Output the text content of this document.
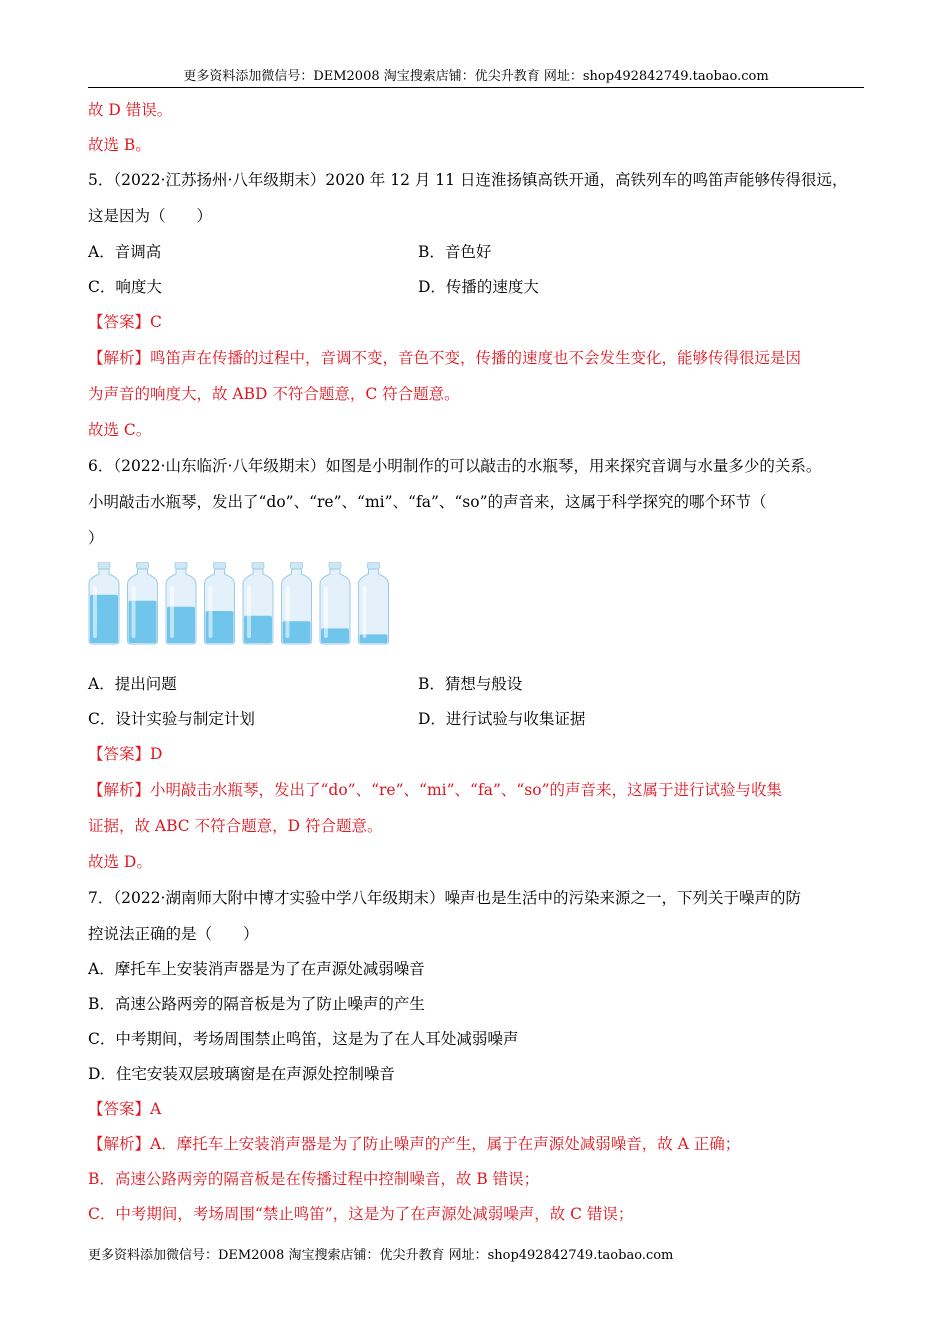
更多资料添加微信号：DEM2008 淘宝搜索店铺：优尖升教育 网址：shop492842749.taobao.com
故 D 错误。
故选 B。
5．（2022·江苏扬州·八年级期末）2020 年 12 月 11 日连淮扬镇高铁开通，高铁列车的鸣笛声能够传得很远，
这是因为（　　）
A．音调高	B．音色好
C．响度大	D．传播的速度大
【答案】C
【解析】鸣笛声在传播的过程中，音调不变，音色不变，传播的速度也不会发生变化，能够传得很远是因
为声音的响度大，故 ABD 不符合题意，C 符合题意。
故选 C。
6．（2022·山东临沂·八年级期末）如图是小明制作的可以敲击的水瓶琴，用来探究音调与水量多少的关系。
小明敲击水瓶琴，发出了“do”、“re”、“mi”、“fa”、“so”的声音来，这属于科学探究的哪个环节（
）
A．提出问题	B．猜想与般设
C．设计实验与制定计划	D．进行试验与收集证据
【答案】D
【解析】小明敲击水瓶琴，发出了“do”、“re”、“mi”、“fa”、“so”的声音来，这属于进行试验与收集
证据，故 ABC 不符合题意，D 符合题意。
故选 D。
7．（2022·湖南师大附中博才实验中学八年级期末）噪声也是生活中的污染来源之一，下列关于噪声的防
控说法正确的是（　　）
A．摩托车上安装消声器是为了在声源处减弱噪音
B．高速公路两旁的隔音板是为了防止噪声的产生
C．中考期间，考场周围禁止鸣笛，这是为了在人耳处减弱噪声
D．住宅安装双层玻璃窗是在声源处控制噪音
【答案】A
【解析】A．摩托车上安装消声器是为了防止噪声的产生，属于在声源处减弱噪音，故 A 正确；
B．高速公路两旁的隔音板是在传播过程中控制噪音，故 B 错误；
C．中考期间，考场周围“禁止鸣笛”，这是为了在声源处减弱噪声，故 C 错误；
更多资料添加微信号：DEM2008 淘宝搜索店铺：优尖升教育 网址：shop492842749.taobao.com
